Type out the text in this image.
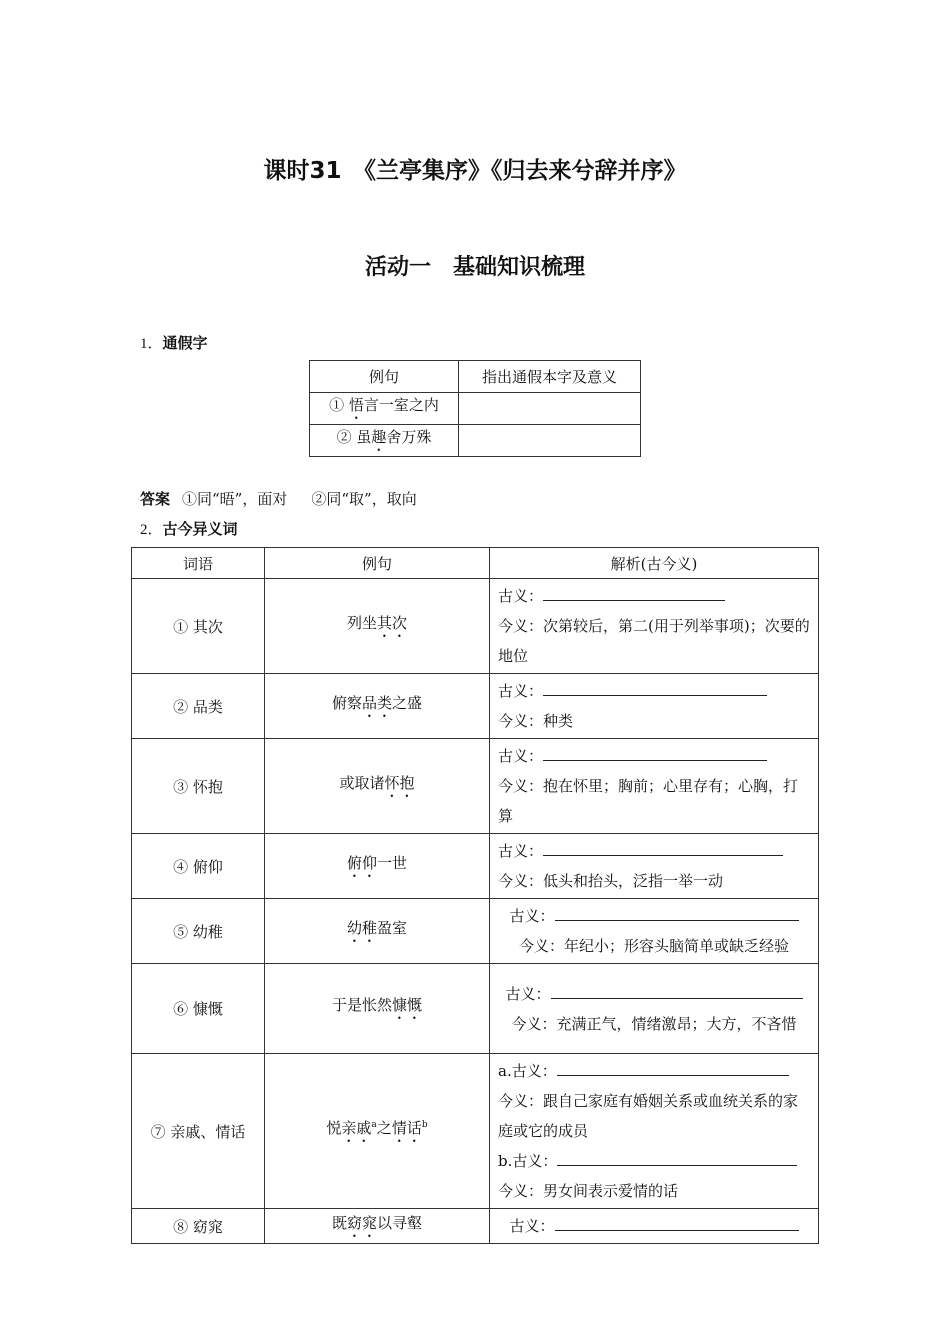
课时31　《兰亭集序》《归去来兮辞并序》
活动一　基础知识梳理
1．通假字
例句	指出通假本字及意义
① 悟言一室之内	
② 虽趣舍万殊	
答案 ①同“晤”，面对 ②同“取”，取向
2．古今异义词
词语	例句	解析(古今义)
① 其次	列坐其次	古义：
今义：次第较后，第二(用于列举事项)；次要的地位

② 品类	俯察品类之盛	古义：
今义：种类

③ 怀抱	或取诸怀抱	古义：
今义：抱在怀里；胸前；心里存有；心胸，打算

④ 俯仰	俯仰一世	古义：
今义：低头和抬头，泛指一举一动

⑤ 幼稚	幼稚盈室	古义：
今义：年纪小；形容头脑简单或缺乏经验

⑥ 慷慨	于是怅然慷慨	古义：
今义：充满正气，情绪激昂；大方，不吝惜

⑦ 亲戚、情话	悦亲戚$^a$之情话$^b$	a.古义：
今义：跟自己家庭有婚姻关系或血统关系的家庭或它的成员
b.古义：
今义：男女间表示爱情的话

⑧ 窈窕	既窈窕以寻壑	古义：
